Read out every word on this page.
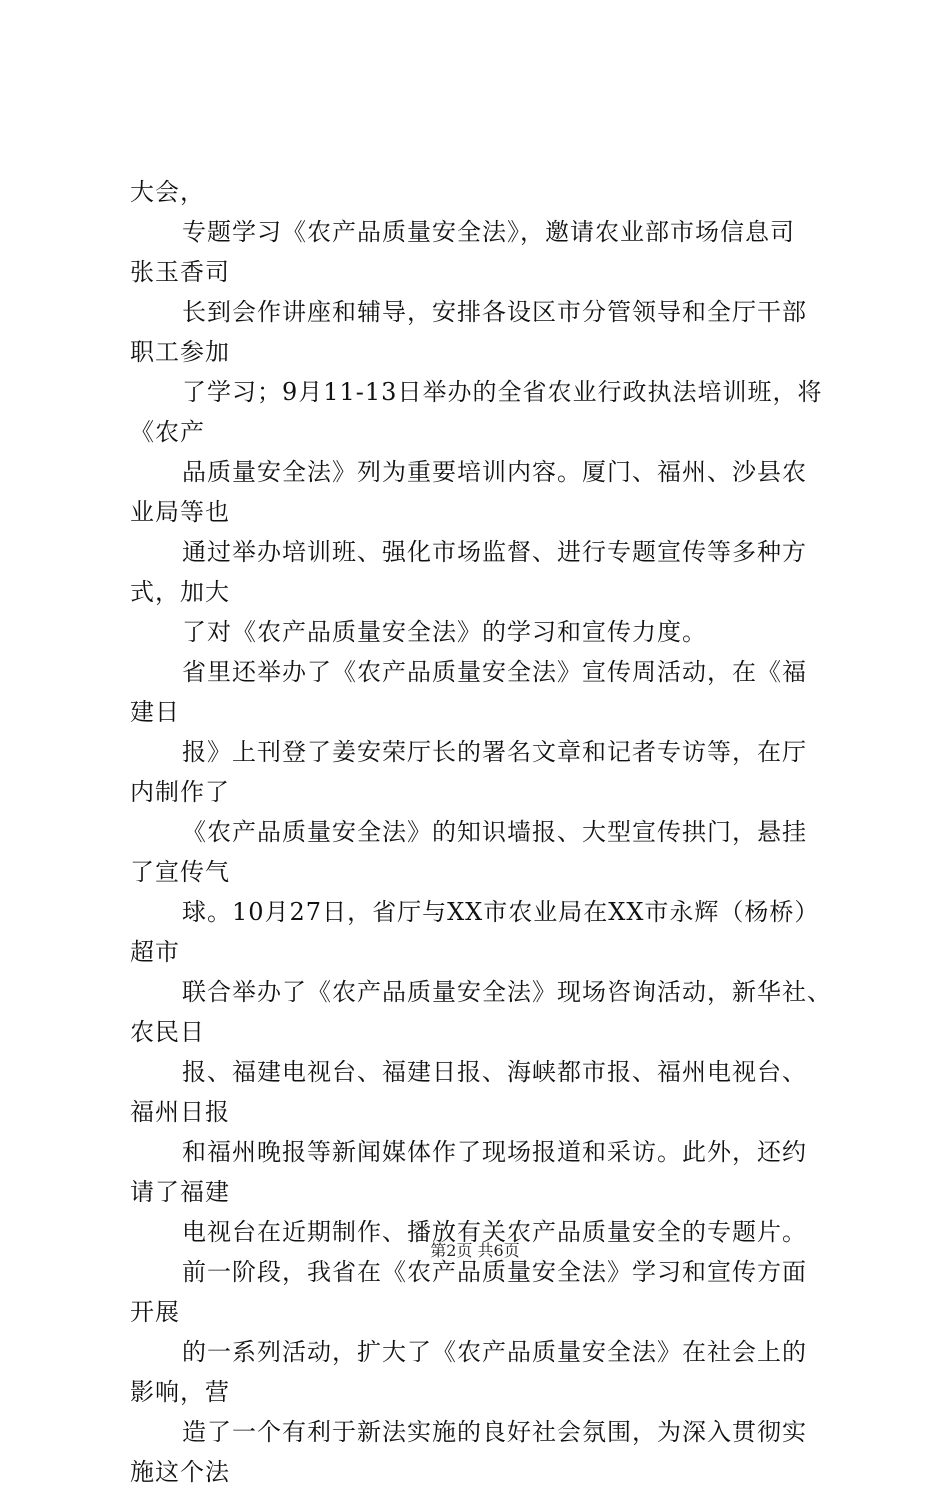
大会，
专题学习《农产品质量安全法》，邀请农业部市场信息司
张玉香司
长到会作讲座和辅导，安排各设区市分管领导和全厅干部
职工参加
了学习；9月11-13日举办的全省农业行政执法培训班，将
《农产
品质量安全法》列为重要培训内容。厦门、福州、沙县农
业局等也
通过举办培训班、强化市场监督、进行专题宣传等多种方
式，加大
了对《农产品质量安全法》的学习和宣传力度。
省里还举办了《农产品质量安全法》宣传周活动，在《福
建日
报》上刊登了姜安荣厅长的署名文章和记者专访等，在厅
内制作了
《农产品质量安全法》的知识墙报、大型宣传拱门，悬挂
了宣传气
球。10月27日，省厅与XX市农业局在XX市永辉（杨桥）
超市
联合举办了《农产品质量安全法》现场咨询活动，新华社、
农民日
报、福建电视台、福建日报、海峡都市报、福州电视台、
福州日报
和福州晚报等新闻媒体作了现场报道和采访。此外，还约
请了福建
电视台在近期制作、播放有关农产品质量安全的专题片。
前一阶段，我省在《农产品质量安全法》学习和宣传方面
开展
的一系列活动，扩大了《农产品质量安全法》在社会上的
影响，营
造了一个有利于新法实施的良好社会氛围，为深入贯彻实
施这个法
第2页 共6页
